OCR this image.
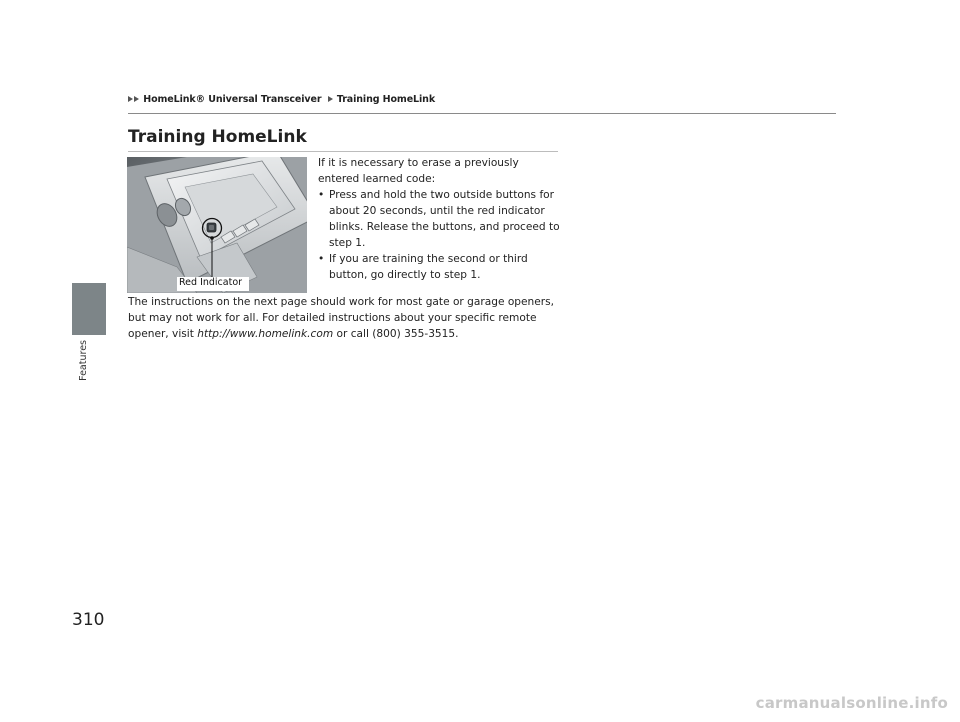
HomeLink® Universal Transceiver Training HomeLink
Features
Training HomeLink
Red Indicator

If it is necessary to erase a previously entered learned code:

• Press and hold the two outside buttons for about 20 seconds, until the red indicator blinks. Release the buttons, and proceed to step 1.
• If you are training the second or third button, go directly to step 1.

The instructions on the next page should work for most gate or garage openers, but may not work for all. For detailed instructions about your specific remote opener, visit http://www.homelink.com or call (800) 355-3515.

310
carmanualsonline.info
